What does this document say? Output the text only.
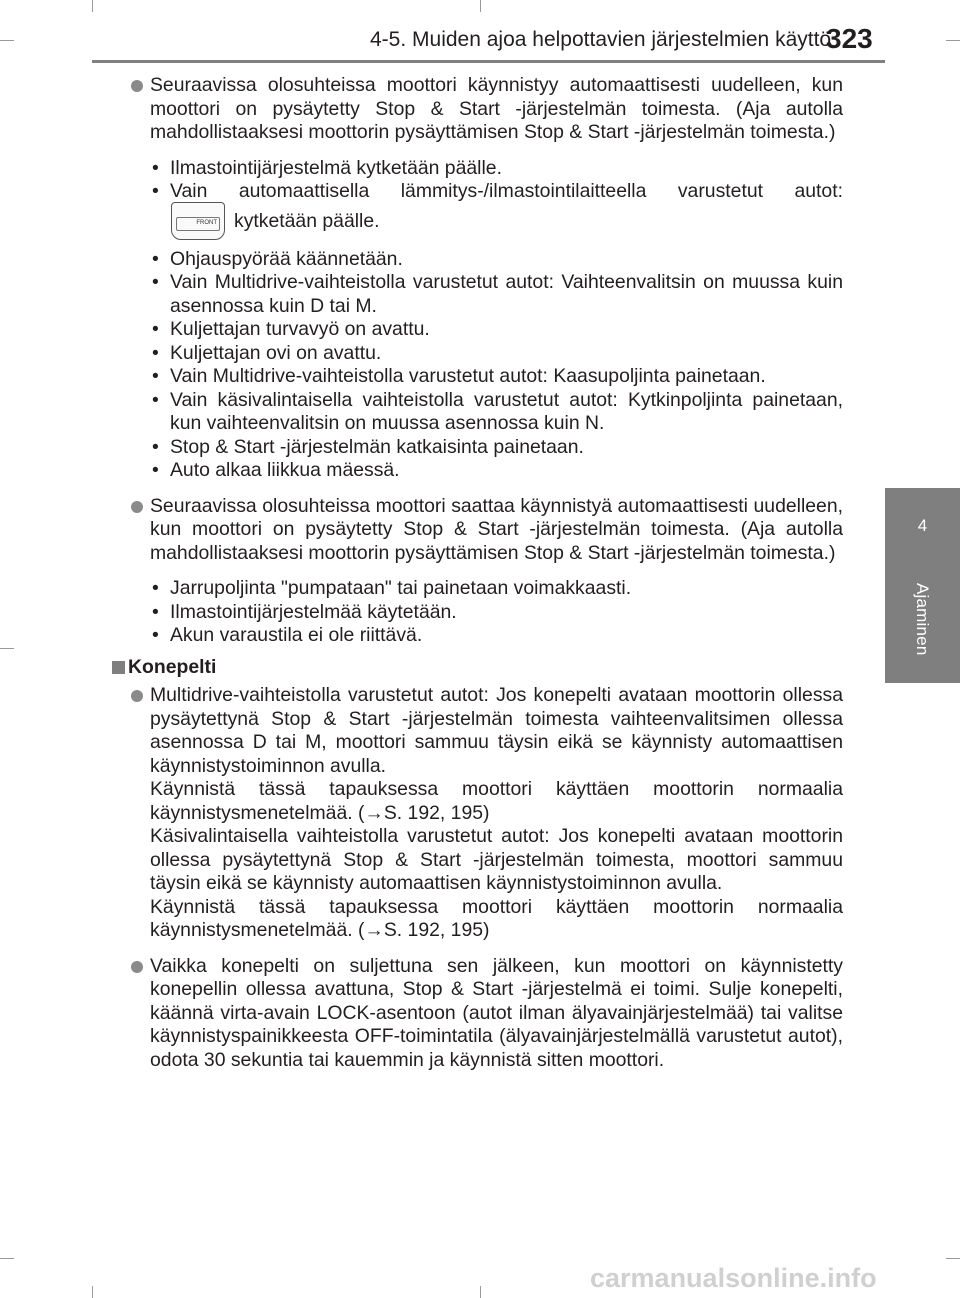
4-5. Muiden ajoa helpottavien järjestelmien käyttö
323
4
Ajaminen
Seuraavissa olosuhteissa moottori käynnistyy automaattisesti uudelleen, kun moottori on pysäytetty Stop & Start -järjestelmän toimesta. (Aja autolla mahdollistaaksesi moottorin pysäyttämisen Stop & Start -järjestelmän toimesta.)
• Ilmastointijärjestelmä kytketään päälle.
• Vain automaattisella lämmitys-/ilmastointilaitteella varustetut autot:
FRONT kytketään päälle.
• Ohjauspyörää käännetään.
• Vain Multidrive-vaihteistolla varustetut autot: Vaihteenvalitsin on muussa kuin asennossa kuin D tai M.
• Kuljettajan turvavyö on avattu.
• Kuljettajan ovi on avattu.
• Vain Multidrive-vaihteistolla varustetut autot: Kaasupoljinta painetaan.
• Vain käsivalintaisella vaihteistolla varustetut autot: Kytkinpoljinta painetaan, kun vaihteenvalitsin on muussa asennossa kuin N.
• Stop & Start -järjestelmän katkaisinta painetaan.
• Auto alkaa liikkua mäessä.
Seuraavissa olosuhteissa moottori saattaa käynnistyä automaattisesti uudelleen, kun moottori on pysäytetty Stop & Start -järjestelmän toimesta. (Aja autolla mahdollistaaksesi moottorin pysäyttämisen Stop & Start -järjestelmän toimesta.)
• Jarrupoljinta "pumpataan" tai painetaan voimakkaasti.
• Ilmastointijärjestelmää käytetään.
• Akun varaustila ei ole riittävä.
Konepelti
Multidrive-vaihteistolla varustetut autot: Jos konepelti avataan moottorin ollessa pysäytettynä Stop & Start -järjestelmän toimesta vaihteenvalitsimen ollessa asennossa D tai M, moottori sammuu täysin eikä se käynnisty automaattisen käynnistystoiminnon avulla.
Käynnistä tässä tapauksessa moottori käyttäen moottorin normaalia käynnistysmenetelmää. (→S. 192, 195)
Käsivalintaisella vaihteistolla varustetut autot: Jos konepelti avataan moottorin ollessa pysäytettynä Stop & Start -järjestelmän toimesta, moottori sammuu täysin eikä se käynnisty automaattisen käynnistystoiminnon avulla.
Käynnistä tässä tapauksessa moottori käyttäen moottorin normaalia käynnistysmenetelmää. (→S. 192, 195)
Vaikka konepelti on suljettuna sen jälkeen, kun moottori on käynnistetty konepellin ollessa avattuna, Stop & Start -järjestelmä ei toimi. Sulje konepelti, käännä virta-avain LOCK-asentoon (autot ilman älyavainjärjestelmää) tai valitse käynnistyspainikkeesta OFF-toimintatila (älyavainjärjestelmällä varustetut autot), odota 30 sekuntia tai kauemmin ja käynnistä sitten moottori.
carmanualsonline.info
